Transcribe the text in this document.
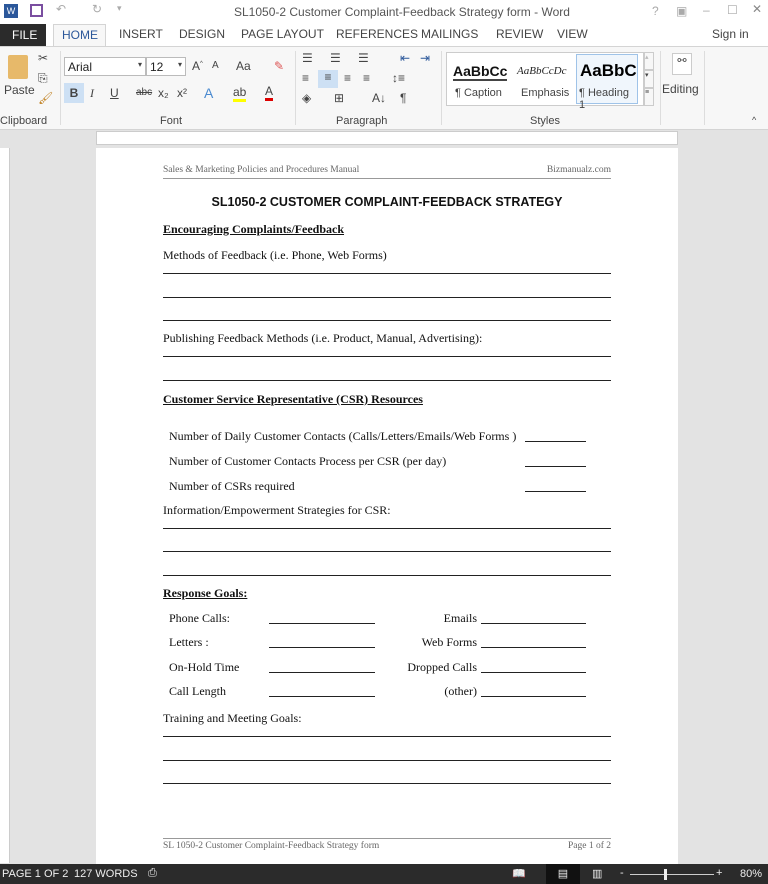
W	↶ ↻ ▾	SL1050-2 Customer Complaint-Feedback Strategy form - Word	? ▣ – ☐ ✕
FILE HOME INSERT DESIGN PAGE LAYOUT REFERENCES MAILINGS REVIEW VIEW	Sign in
Paste
✂
⎘
🖌
Clipboard
Arial	▾ 12 ▾ A^ A Aa ✎
B I U abc x₂ x² A ab A
Font
☰ ☰ ☰	⇤ ⇥
≡	≡	≡ ≡ ↕≡
◈ ⊞ A↓ ¶
Paragraph
AaBbCc
¶ Caption
AaBbCcDc
Emphasis
AaBbC
¶ Heading 1
▴
▾
≡
Styles
⚯
Editing
^
Sales & Marketing Policies and Procedures Manual	Bizmanualz.com
SL1050-2 CUSTOMER COMPLAINT-FEEDBACK STRATEGY
Encouraging Complaints/Feedback
Methods of Feedback (i.e. Phone, Web Forms)
Publishing Feedback Methods (i.e. Product, Manual, Advertising):
Customer Service Representative (CSR) Resources
Number of Daily Customer Contacts (Calls/Letters/Emails/Web Forms )
Number of Customer Contacts Process per CSR (per day)
Number of CSRs required
Information/Empowerment Strategies for CSR:
Response Goals:
Phone Calls:	Emails
Letters :	Web Forms
On-Hold Time	Dropped Calls
Call Length	(other)
Training and Meeting Goals:
SL 1050-2 Customer Complaint-Feedback Strategy form	Page 1 of 2
PAGE 1 OF 2 127 WORDS ⎙	📖	▤	▥ -	+ 80%
